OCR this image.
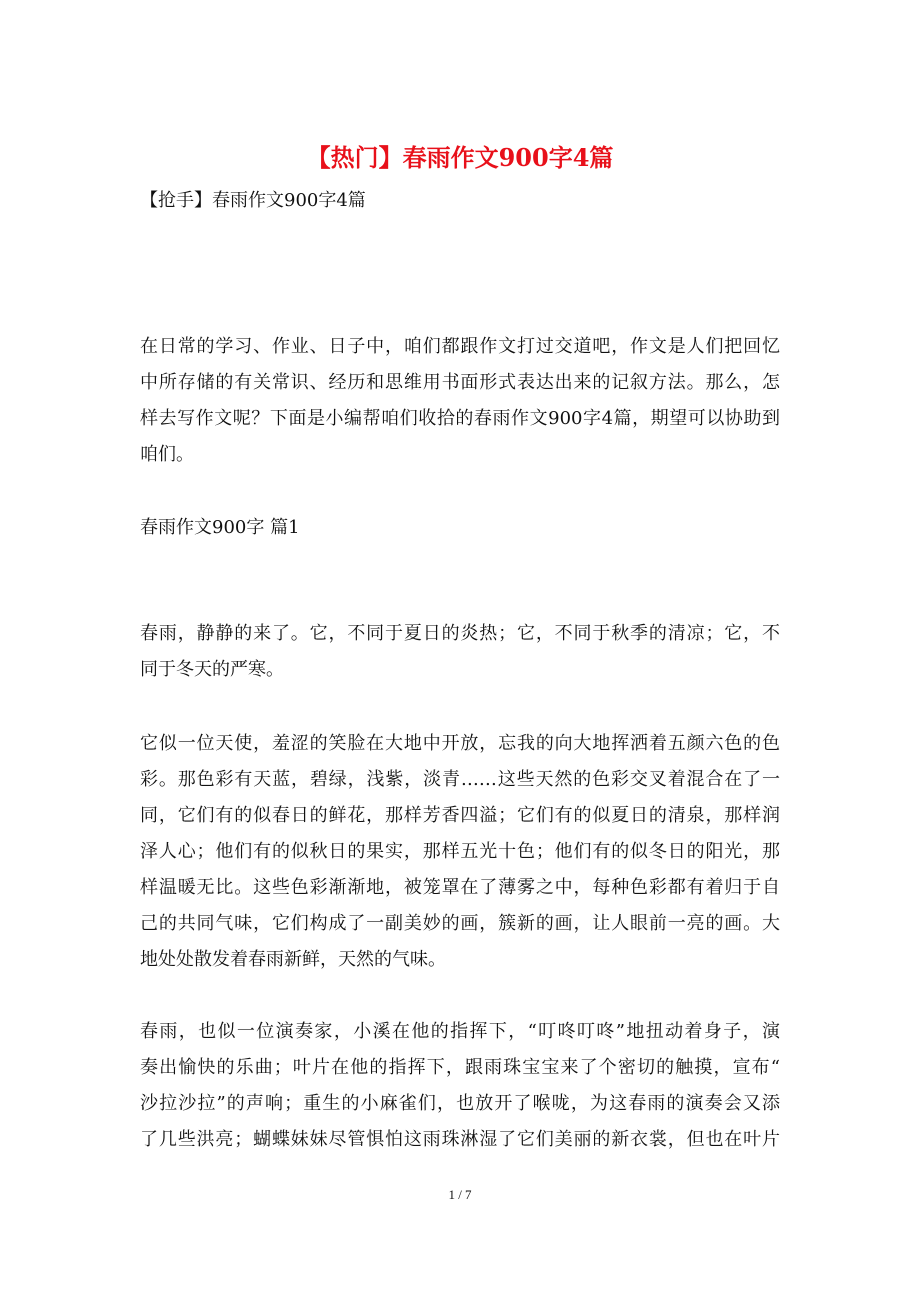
【热门】春雨作文900字4篇
【抢手】春雨作文900字4篇
在日常的学习、作业、日子中，咱们都跟作文打过交道吧，作文是人们把回忆
中所存储的有关常识、经历和思维用书面形式表达出来的记叙方法。那么，怎
样去写作文呢？下面是小编帮咱们收拾的春雨作文900字4篇，期望可以协助到
咱们。
春雨作文900字 篇1
春雨，静静的来了。它，不同于夏日的炎热；它，不同于秋季的清凉；它，不
同于冬天的严寒。
它似一位天使，羞涩的笑脸在大地中开放，忘我的向大地挥洒着五颜六色的色
彩。那色彩有天蓝，碧绿，浅紫，淡青……这些天然的色彩交叉着混合在了一
同，它们有的似春日的鲜花，那样芳香四溢；它们有的似夏日的清泉，那样润
泽人心；他们有的似秋日的果实，那样五光十色；他们有的似冬日的阳光，那
样温暖无比。这些色彩渐渐地，被笼罩在了薄雾之中，每种色彩都有着归于自
己的共同气味，它们构成了一副美妙的画，簇新的画，让人眼前一亮的画。大
地处处散发着春雨新鲜，天然的气味。
春雨，也似一位演奏家，小溪在他的指挥下，“叮咚叮咚”地扭动着身子，演
奏出愉快的乐曲；叶片在他的指挥下，跟雨珠宝宝来了个密切的触摸，宣布“
沙拉沙拉”的声响；重生的小麻雀们，也放开了喉咙，为这春雨的演奏会又添
了几些洪亮；蝴蝶妹妹尽管惧怕这雨珠淋湿了它们美丽的新衣裳，但也在叶片
1 / 7
